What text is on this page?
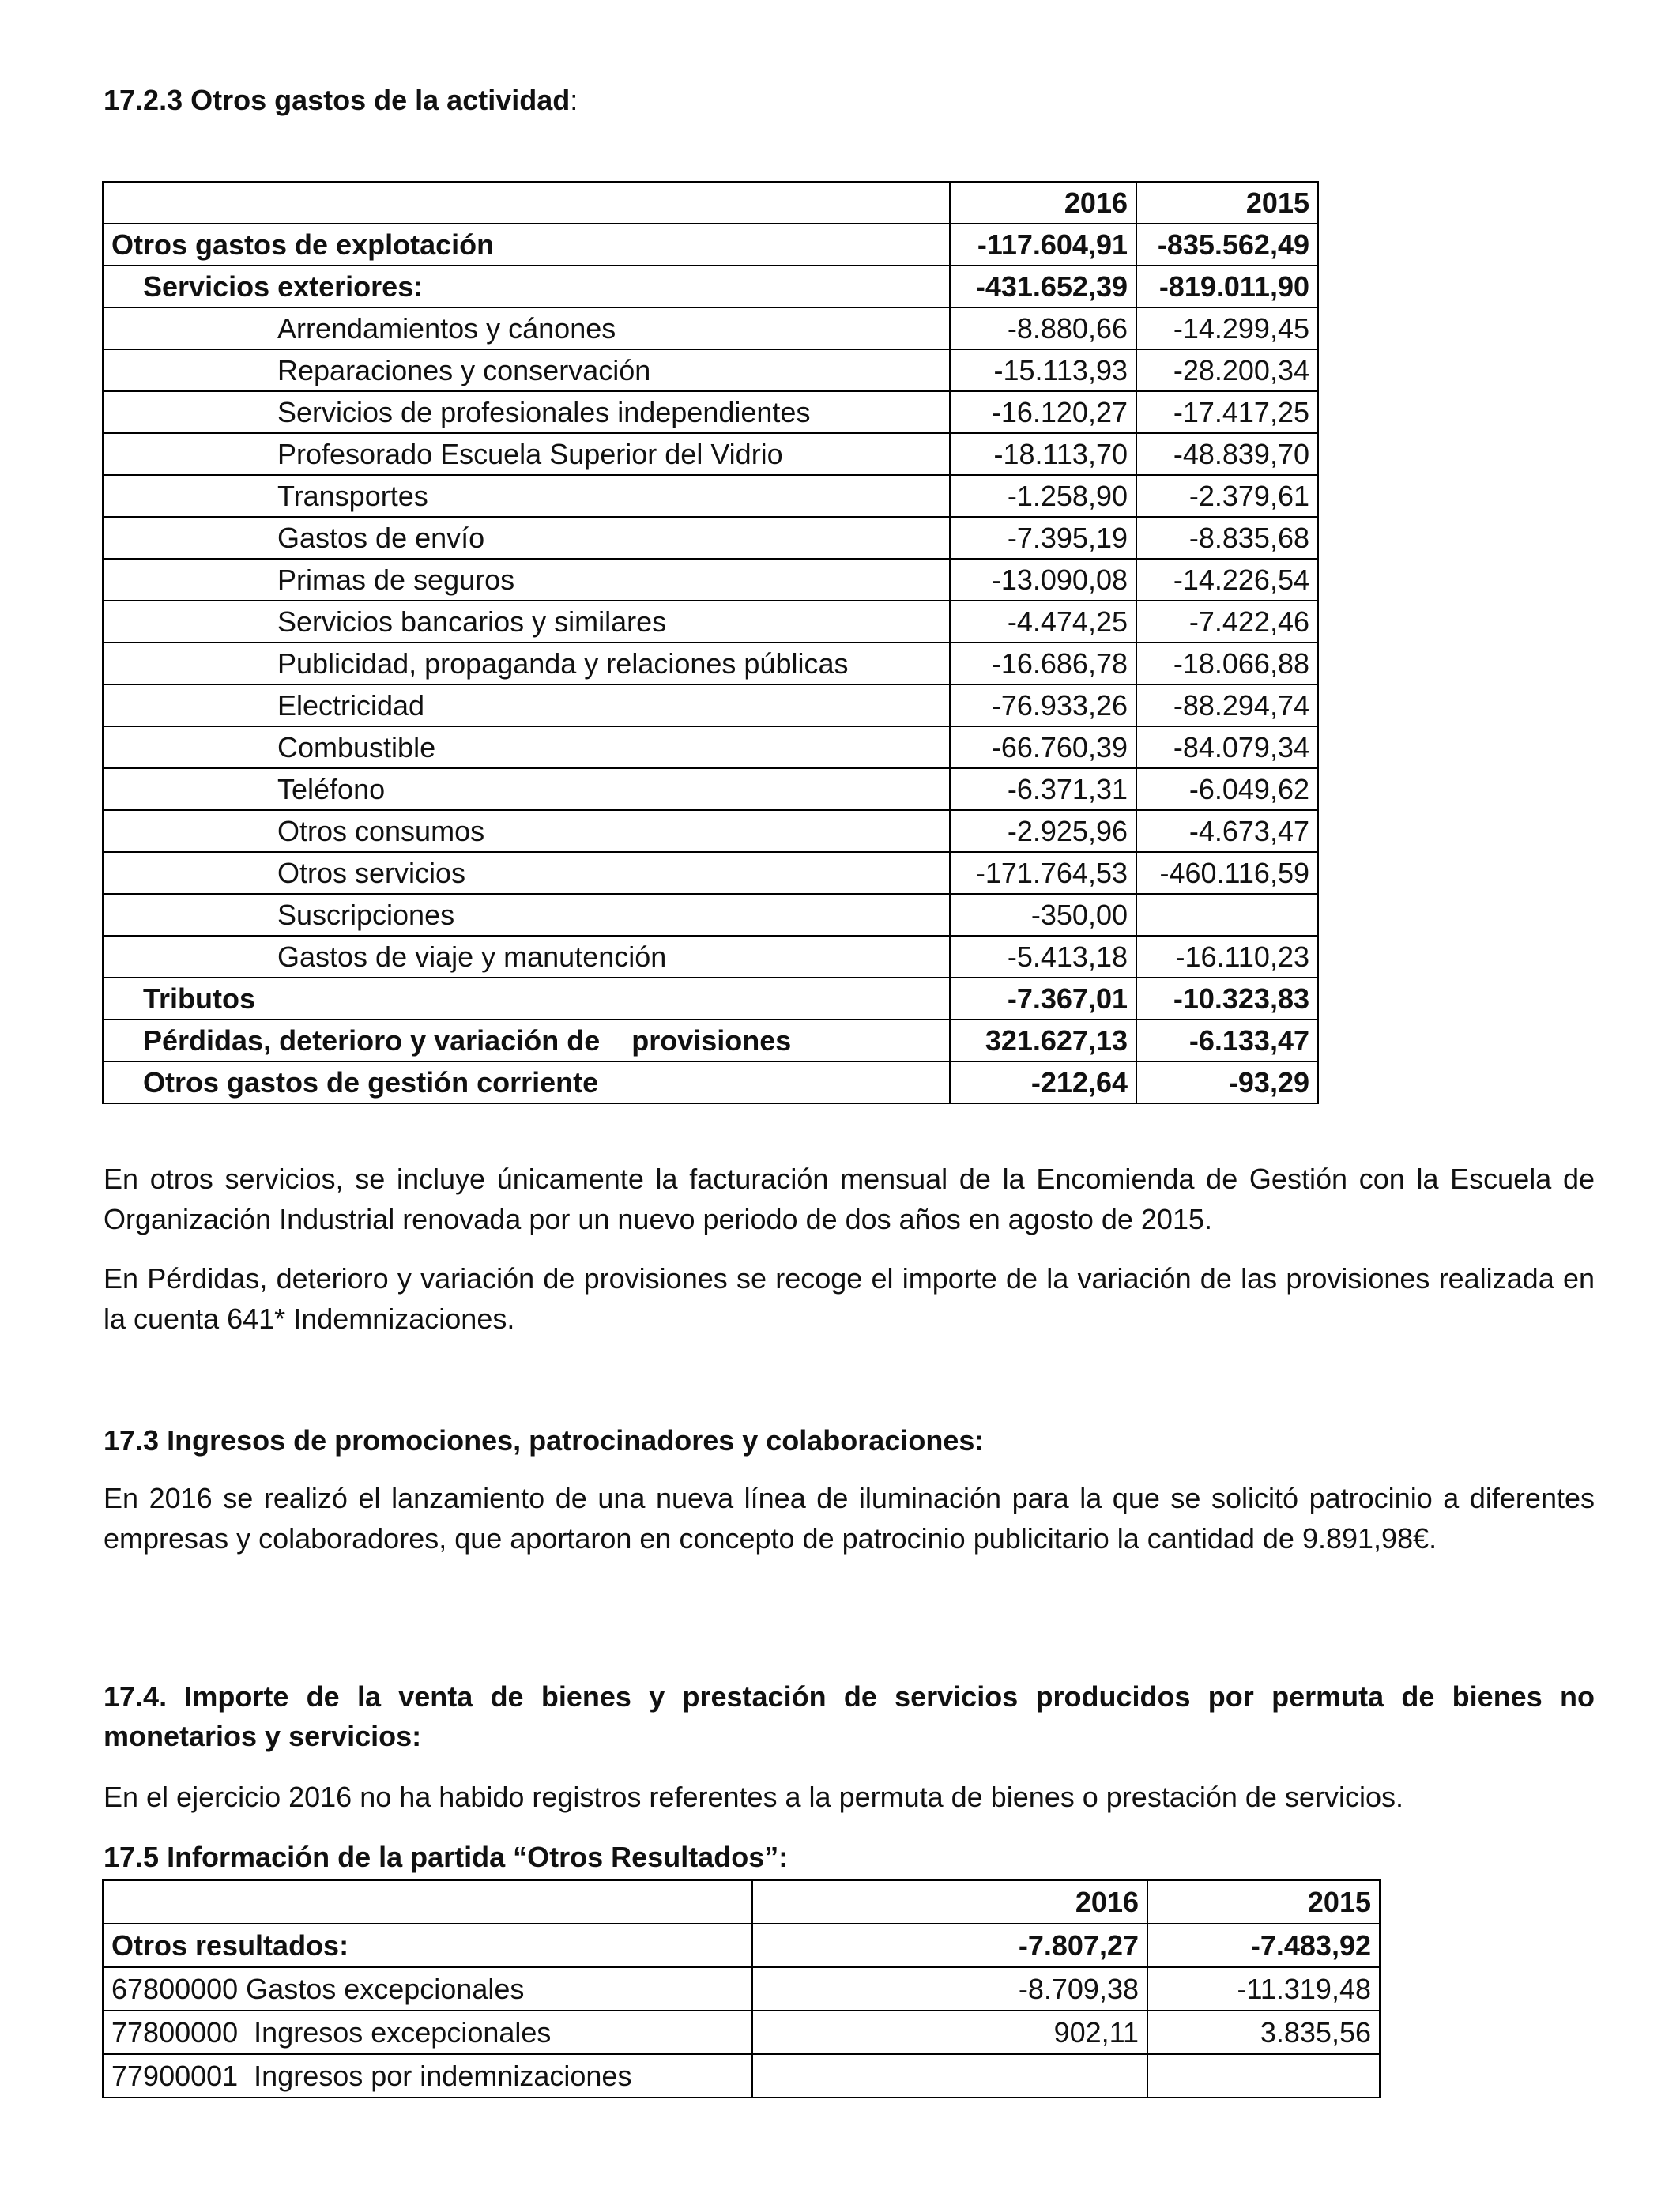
17.2.3 Otros gastos de la actividad:

	2016	2015
Otros gastos de explotación	-117.604,91	-835.562,49
Servicios exteriores:	-431.652,39	-819.011,90
Arrendamientos y cánones	-8.880,66	-14.299,45
Reparaciones y conservación	-15.113,93	-28.200,34
Servicios de profesionales independientes	-16.120,27	-17.417,25
Profesorado Escuela Superior del Vidrio	-18.113,70	-48.839,70
Transportes	-1.258,90	-2.379,61
Gastos de envío	-7.395,19	-8.835,68
Primas de seguros	-13.090,08	-14.226,54
Servicios bancarios y similares	-4.474,25	-7.422,46
Publicidad, propaganda y relaciones públicas	-16.686,78	-18.066,88
Electricidad	-76.933,26	-88.294,74
Combustible	-66.760,39	-84.079,34
Teléfono	-6.371,31	-6.049,62
Otros consumos	-2.925,96	-4.673,47
Otros servicios	-171.764,53	-460.116,59
Suscripciones	-350,00	
Gastos de viaje y manutención	-5.413,18	-16.110,23
Tributos	-7.367,01	-10.323,83
Pérdidas, deterioro y variación de    provisiones	321.627,13	-6.133,47
Otros gastos de gestión corriente	-212,64	-93,29

En otros servicios, se incluye únicamente la facturación mensual de la Encomienda de Gestión con la Escuela de Organización Industrial renovada por un nuevo periodo de dos años en agosto de 2015.

En Pérdidas, deterioro y variación de provisiones se recoge el importe de la variación de las provisiones realizada en la cuenta 641* Indemnizaciones.

17.3 Ingresos de promociones, patrocinadores y colaboraciones:

En 2016 se realizó el lanzamiento de una nueva línea de iluminación para la que se solicitó patrocinio a diferentes empresas y colaboradores, que aportaron en concepto de patrocinio publicitario la cantidad de 9.891,98€.

17.4. Importe de la venta de bienes y prestación de servicios producidos por permuta de bienes no monetarios y servicios:

En el ejercicio 2016 no ha habido registros referentes a la permuta de bienes o prestación de servicios.

17.5 Información de la partida “Otros Resultados”:

	2016	2015
Otros resultados:	-7.807,27	-7.483,92
67800000 Gastos excepcionales	-8.709,38	-11.319,48
77800000  Ingresos excepcionales	902,11	3.835,56
77900001  Ingresos por indemnizaciones		
